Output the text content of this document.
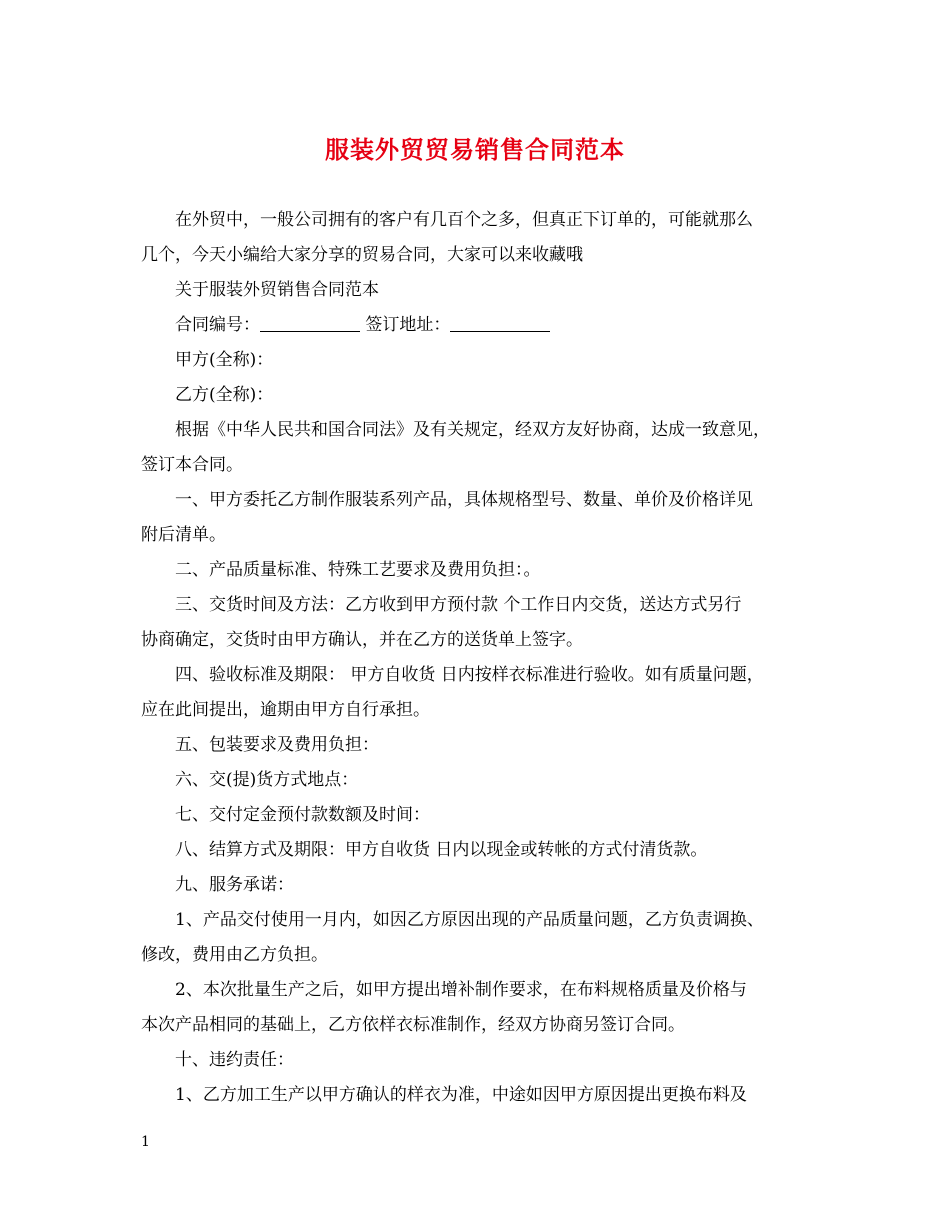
服装外贸贸易销售合同范本

在外贸中，一般公司拥有的客户有几百个之多，但真正下订单的，可能就那么

几个，今天小编给大家分享的贸易合同，大家可以来收藏哦

关于服装外贸销售合同范本

合同编号：	签订地址：

甲方(全称)：

乙方(全称)：

根据《中华人民共和国合同法》及有关规定，经双方友好协商，达成一致意见，

签订本合同。

一、甲方委托乙方制作服装系列产品，具体规格型号、数量、单价及价格详见

附后清单。

二、产品质量标准、特殊工艺要求及费用负担：。

三、交货时间及方法：乙方收到甲方预付款 个工作日内交货，送达方式另行

协商确定，交货时由甲方确认，并在乙方的送货单上签字。

四、验收标准及期限： 甲方自收货 日内按样衣标准进行验收。如有质量问题，

应在此间提出，逾期由甲方自行承担。

五、包装要求及费用负担：

六、交(提)货方式地点：

七、交付定金预付款数额及时间：

八、结算方式及期限：甲方自收货 日内以现金或转帐的方式付清货款。

九、服务承诺：

1、产品交付使用一月内，如因乙方原因出现的产品质量问题，乙方负责调换、

修改，费用由乙方负担。

2、本次批量生产之后，如甲方提出增补制作要求，在布料规格质量及价格与

本次产品相同的基础上，乙方依样衣标准制作，经双方协商另签订合同。

十、违约责任：

1、乙方加工生产以甲方确认的样衣为准，中途如因甲方原因提出更换布料及

1
